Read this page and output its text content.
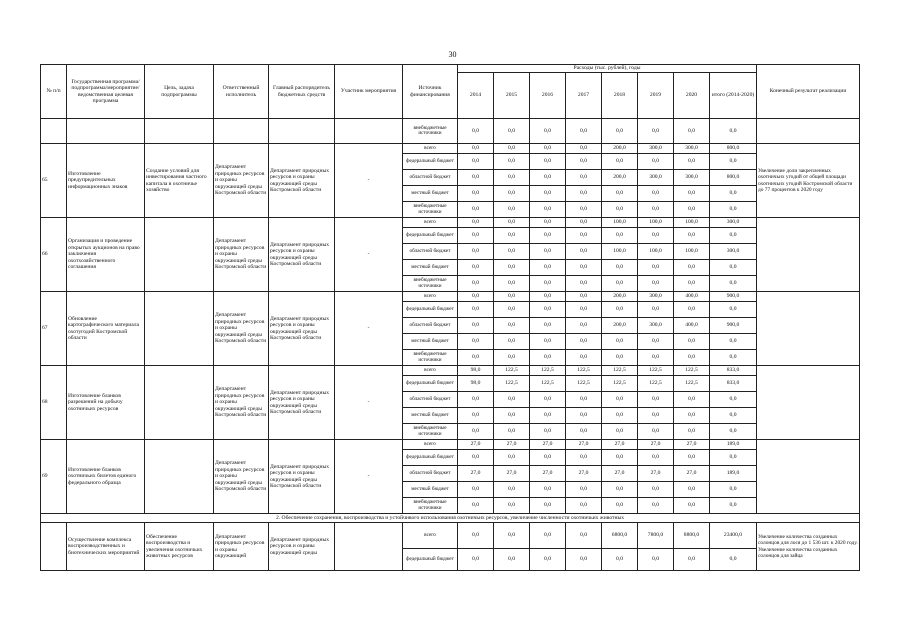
30
№ п/п	Государственная программа/подпрограмма/мероприятие/ведомственная целевая программа	Цель, задача подпрограммы	Ответственный исполнитель	Главный распорядитель бюджетных средств	Участник мероприятия	Источник финансирования	Расходы (тыс. рублей), годы								Конечный результат реализации
							2014	2015	2016	2017	2018	2019	2020	итого (2014-2020)	
						внебюджетные источники	0,0	0,0	0,0	0,0	0,0	0,0	0,0	0,0	
65	Изготовление предупредительных информационных знаков	Создание условий для инвестирования частного капитала в охотничье хозяйство	Департамент природных ресурсов и охраны окружающей среды Костромской области	Департамент природных ресурсов и охраны окружающей среды Костромской области	-	всего	0,0	0,0	0,0	0,0	200,0	300,0	300,0	800,0	Увеличение доли закрепленных охотничьих угодий от общей площади охотничьих угодий Костромской области до 77 процентов к 2020 году
						федеральный бюджет	0,0	0,0	0,0	0,0	0,0	0,0	0,0	0,0	
						областной бюджет	0,0	0,0	0,0	0,0	200,0	300,0	300,0	800,0	
						местный бюджет	0,0	0,0	0,0	0,0	0,0	0,0	0,0	0,0	
						внебюджетные источники	0,0	0,0	0,0	0,0	0,0	0,0	0,0	0,0	
66	Организация и проведение открытых аукционов на право заключения охотхозяйственного соглашения		Департамент природных ресурсов и охраны окружающей среды Костромской области	Департамент природных ресурсов и охраны окружающей среды Костромской области	-	всего	0,0	0,0	0,0	0,0	100,0	100,0	100,0	300,0	
						федеральный бюджет	0,0	0,0	0,0	0,0	0,0	0,0	0,0	0,0	
						областной бюджет	0,0	0,0	0,0	0,0	100,0	100,0	100,0	300,0	
						местный бюджет	0,0	0,0	0,0	0,0	0,0	0,0	0,0	0,0	
						внебюджетные источники	0,0	0,0	0,0	0,0	0,0	0,0	0,0	0,0	
67	Обновление картографического материала охотугодий Костромской области		Департамент природных ресурсов и охраны окружающей среды Костромской области	Департамент природных ресурсов и охраны окружающей среды Костромской области	-	всего	0,0	0,0	0,0	0,0	200,0	300,0	400,0	900,0	
						федеральный бюджет	0,0	0,0	0,0	0,0	0,0	0,0	0,0	0,0	
						областной бюджет	0,0	0,0	0,0	0,0	200,0	300,0	400,0	900,0	
						местный бюджет	0,0	0,0	0,0	0,0	0,0	0,0	0,0	0,0	
						внебюджетные источники	0,0	0,0	0,0	0,0	0,0	0,0	0,0	0,0	
68	Изготовление бланков разрешений на добычу охотничьих ресурсов		Департамент природных ресурсов и охраны окружающей среды Костромской области	Департамент природных ресурсов и охраны окружающей среды Костромской области	-	всего	98,0	122,5	122,5	122,5	122,5	122,5	122,5	833,0	
						федеральный бюджет	98,0	122,5	122,5	122,5	122,5	122,5	122,5	833,0	
						областной бюджет	0,0	0,0	0,0	0,0	0,0	0,0	0,0	0,0	
						местный бюджет	0,0	0,0	0,0	0,0	0,0	0,0	0,0	0,0	
						внебюджетные источники	0,0	0,0	0,0	0,0	0,0	0,0	0,0	0,0	
69	Изготовление бланков охотничьих билетов единого федерального образца		Департамент природных ресурсов и охраны окружающей среды Костромской области	Департамент природных ресурсов и охраны окружающей среды Костромской области	-	всего	27,0	27,0	27,0	27,0	27,0	27,0	27,0	189,0	
						федеральный бюджет	0,0	0,0	0,0	0,0	0,0	0,0	0,0	0,0	
						областной бюджет	27,0	27,0	27,0	27,0	27,0	27,0	27,0	189,0	
						местный бюджет	0,0	0,0	0,0	0,0	0,0	0,0	0,0	0,0	
						внебюджетные источники	0,0	0,0	0,0	0,0	0,0	0,0	0,0	0,0	
2. Обеспечение сохранения, воспроизводства и устойчивого использования охотничьих ресурсов, увеличение численности охотничьих животных															
	Осуществление комплекса воспроизводственных и биотехнических мероприятий	Обеспечение воспроизводства и увеличения охотничьих животных ресурсов	Департамент природных ресурсов и охраны окружающей	Департамент природных ресурсов и охраны окружающей среды		всего	0,0	0,0	0,0	0,0	6800,0	7800,0	8800,0	23400,0	Увеличение количества созданных солонцов для лося до 1 536 шт. к 2020 году. Увеличение количества созданных солонцов для зайца
						федеральный бюджет	0,0	0,0	0,0	0,0	0,0	0,0	0,0	0,0	
